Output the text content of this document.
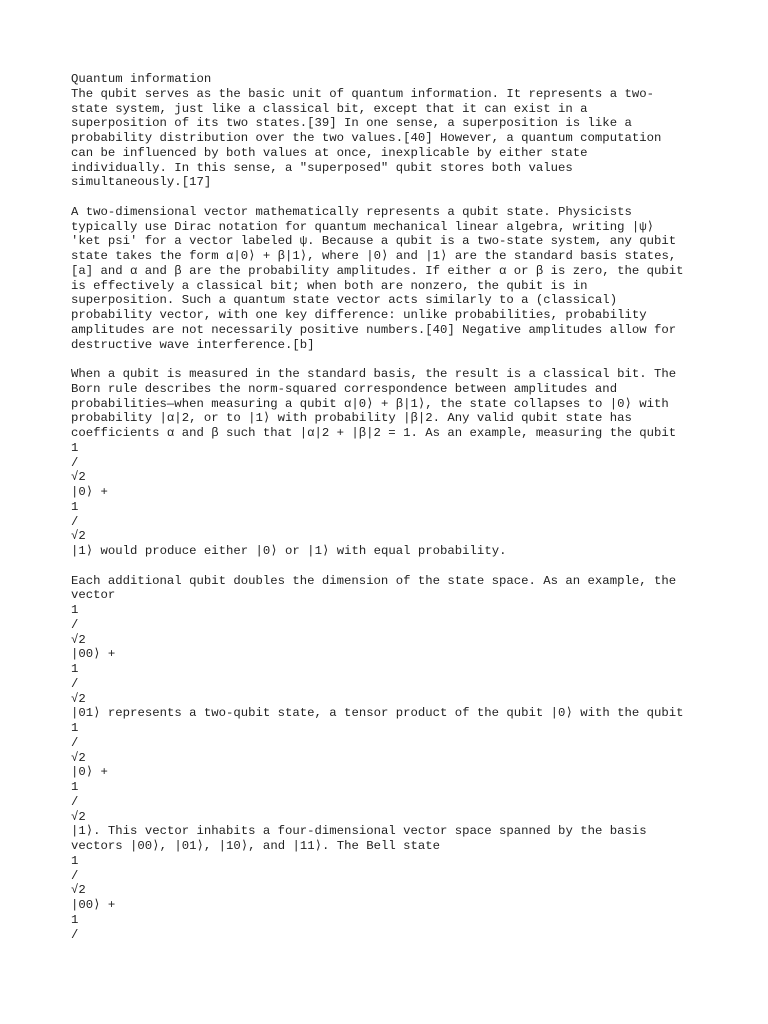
Quantum information
The qubit serves as the basic unit of quantum information. It represents a two-
state system, just like a classical bit, except that it can exist in a
superposition of its two states.[39] In one sense, a superposition is like a
probability distribution over the two values.[40] However, a quantum computation
can be influenced by both values at once, inexplicable by either state
individually. In this sense, a "superposed" qubit stores both values
simultaneously.[17]

A two-dimensional vector mathematically represents a qubit state. Physicists
typically use Dirac notation for quantum mechanical linear algebra, writing |ψ⟩
'ket psi' for a vector labeled ψ. Because a qubit is a two-state system, any qubit
state takes the form α|0⟩ + β|1⟩, where |0⟩ and |1⟩ are the standard basis states,
[a] and α and β are the probability amplitudes. If either α or β is zero, the qubit
is effectively a classical bit; when both are nonzero, the qubit is in
superposition. Such a quantum state vector acts similarly to a (classical)
probability vector, with one key difference: unlike probabilities, probability
amplitudes are not necessarily positive numbers.[40] Negative amplitudes allow for
destructive wave interference.[b]

When a qubit is measured in the standard basis, the result is a classical bit. The
Born rule describes the norm-squared correspondence between amplitudes and
probabilities—when measuring a qubit α|0⟩ + β|1⟩, the state collapses to |0⟩ with
probability |α|2, or to |1⟩ with probability |β|2. Any valid qubit state has
coefficients α and β such that |α|2 + |β|2 = 1. As an example, measuring the qubit
1
/
√2
|0⟩ +
1
/
√2
|1⟩ would produce either |0⟩ or |1⟩ with equal probability.

Each additional qubit doubles the dimension of the state space. As an example, the
vector
1
/
√2
|00⟩ +
1
/
√2
|01⟩ represents a two-qubit state, a tensor product of the qubit |0⟩ with the qubit
1
/
√2
|0⟩ +
1
/
√2
|1⟩. This vector inhabits a four-dimensional vector space spanned by the basis
vectors |00⟩, |01⟩, |10⟩, and |11⟩. The Bell state
1
/
√2
|00⟩ +
1
/
